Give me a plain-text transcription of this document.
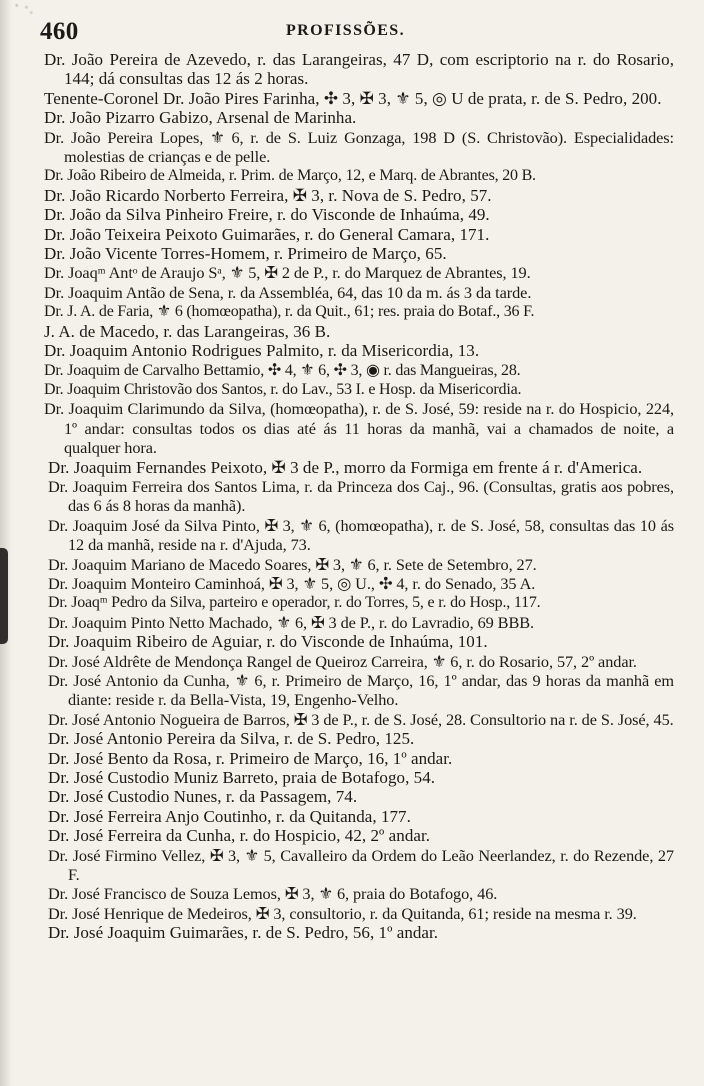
460	PROFISSÕES.

Dr. João Pereira de Azevedo, r. das Larangeiras, 47 D, com escriptorio na r. do Rosario, 144; dá consultas das 12 ás 2 horas.

Tenente-Coronel Dr. João Pires Farinha, ✣ 3, ✠ 3, ⚜ 5, ◎ U de prata, r. de S. Pedro, 200.

Dr. João Pizarro Gabizo, Arsenal de Marinha.

Dr. João Pereira Lopes, ⚜ 6, r. de S. Luiz Gonzaga, 198 D (S. Christovão). Especialidades: molestias de crianças e de pelle.

Dr. João Ribeiro de Almeida, r. Prim. de Março, 12, e Marq. de Abrantes, 20 B.

Dr. João Ricardo Norberto Ferreira, ✠ 3, r. Nova de S. Pedro, 57.

Dr. João da Silva Pinheiro Freire, r. do Visconde de Inhaúma, 49.

Dr. João Teixeira Peixoto Guimarães, r. do General Camara, 171.

Dr. João Vicente Torres-Homem, r. Primeiro de Março, 65.

Dr. Joaqᵐ Antᵒ de Araujo Sᵃ, ⚜ 5, ✠ 2 de P., r. do Marquez de Abrantes, 19.

Dr. Joaquim Antão de Sena, r. da Assembléa, 64, das 10 da m. ás 3 da tarde.

Dr. J. A. de Faria, ⚜ 6 (homœopatha), r. da Quit., 61; res. praia do Botaf., 36 F.

J. A. de Macedo, r. das Larangeiras, 36 B.

Dr. Joaquim Antonio Rodrigues Palmito, r. da Misericordia, 13.

Dr. Joaquim de Carvalho Bettamio, ✣ 4, ⚜ 6, ✣ 3, ◉ r. das Mangueiras, 28.

Dr. Joaquim Christovão dos Santos, r. do Lav., 53 I. e Hosp. da Misericordia.

Dr. Joaquim Clarimundo da Silva, (homœopatha), r. de S. José, 59: reside na r. do Hospicio, 224, 1º andar: consultas todos os dias até ás 11 horas da manhã, vai a chamados de noite, a qualquer hora.

Dr. Joaquim Fernandes Peixoto, ✠ 3 de P., morro da Formiga em frente á r. d'America.

Dr. Joaquim Ferreira dos Santos Lima, r. da Princeza dos Caj., 96. (Consultas, gratis aos pobres, das 6 ás 8 horas da manhã).

Dr. Joaquim José da Silva Pinto, ✠ 3, ⚜ 6, (homœopatha), r. de S. José, 58, consultas das 10 ás 12 da manhã, reside na r. d'Ajuda, 73.

Dr. Joaquim Mariano de Macedo Soares, ✠ 3, ⚜ 6, r. Sete de Setembro, 27.

Dr. Joaquim Monteiro Caminhoá, ✠ 3, ⚜ 5, ◎ U., ✣ 4, r. do Senado, 35 A.

Dr. Joaqᵐ Pedro da Silva, parteiro e operador, r. do Torres, 5, e r. do Hosp., 117.

Dr. Joaquim Pinto Netto Machado, ⚜ 6, ✠ 3 de P., r. do Lavradio, 69 BBB.

Dr. Joaquim Ribeiro de Aguiar, r. do Visconde de Inhaúma, 101.

Dr. José Aldrête de Mendonça Rangel de Queiroz Carreira, ⚜ 6, r. do Rosario, 57, 2º andar.

Dr. José Antonio da Cunha, ⚜ 6, r. Primeiro de Março, 16, 1º andar, das 9 horas da manhã em diante: reside r. da Bella-Vista, 19, Engenho-Velho.

Dr. José Antonio Nogueira de Barros, ✠ 3 de P., r. de S. José, 28. Consultorio na r. de S. José, 45.

Dr. José Antonio Pereira da Silva, r. de S. Pedro, 125.

Dr. José Bento da Rosa, r. Primeiro de Março, 16, 1º andar.

Dr. José Custodio Muniz Barreto, praia de Botafogo, 54.

Dr. José Custodio Nunes, r. da Passagem, 74.

Dr. José Ferreira Anjo Coutinho, r. da Quitanda, 177.

Dr. José Ferreira da Cunha, r. do Hospicio, 42, 2º andar.

Dr. José Firmino Vellez, ✠ 3, ⚜ 5, Cavalleiro da Ordem do Leão Neerlandez, r. do Rezende, 27 F.

Dr. José Francisco de Souza Lemos, ✠ 3, ⚜ 6, praia do Botafogo, 46.

Dr. José Henrique de Medeiros, ✠ 3, consultorio, r. da Quitanda, 61; reside na mesma r. 39.

Dr. José Joaquim Guimarães, r. de S. Pedro, 56, 1º andar.
